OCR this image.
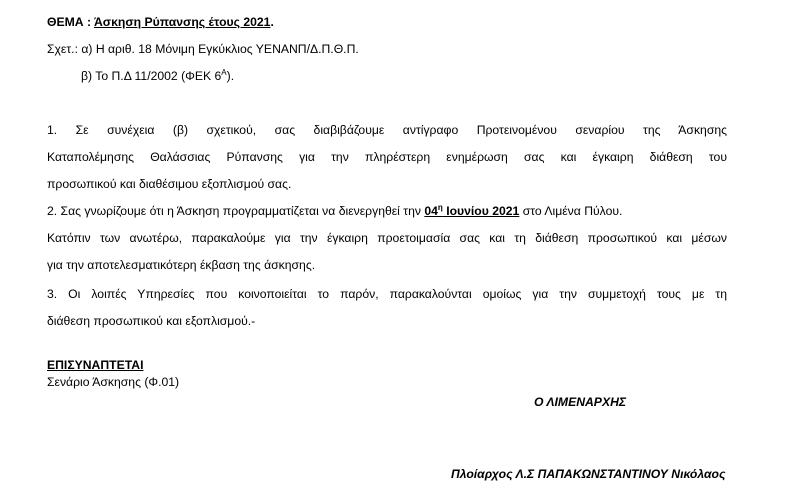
ΘΕΜΑ : Άσκηση Ρύπανσης έτους 2021.
Σχετ.: α) Η αριθ. 18 Μόνιμη Εγκύκλιος ΥΕΝΑΝΠ/Δ.Π.Θ.Π.
β) Το Π.Δ 11/2002 (ΦΕΚ $6^A$).
1. Σε συνέχεια (β) σχετικού, σας διαβιβάζουμε αντίγραφο Προτεινομένου σεναρίου της Άσκησης
Καταπολέμησης Θαλάσσιας Ρύπανσης για την πληρέστερη ενημέρωση σας και έγκαιρη διάθεση του
προσωπικού και διαθέσιμου εξοπλισμού σας.
2. Σας γνωρίζουμε ότι η Άσκηση προγραμματίζεται να διενεργηθεί την $04^\eta$ Ιουνίου 2021 στο Λιμένα Πύλου.
Κατόπιν των ανωτέρω, παρακαλούμε για την έγκαιρη προετοιμασία σας και τη διάθεση προσωπικού και μέσων
για την αποτελεσματικότερη έκβαση της άσκησης.
3. Οι λοιπές Υπηρεσίες που κοινοποιείται το παρόν, παρακαλούνται ομοίως για την συμμετοχή τους με τη
διάθεση προσωπικού και εξοπλισμού.-
ΕΠΙΣΥΝΑΠΤΕΤΑΙ
Σενάριο Άσκησης (Φ.01)
Ο ΛΙΜΕΝΑΡΧΗΣ
Πλοίαρχος Λ.Σ ΠΑΠΑΚΩΝΣΤΑΝΤΙΝΟΥ Νικόλαος
